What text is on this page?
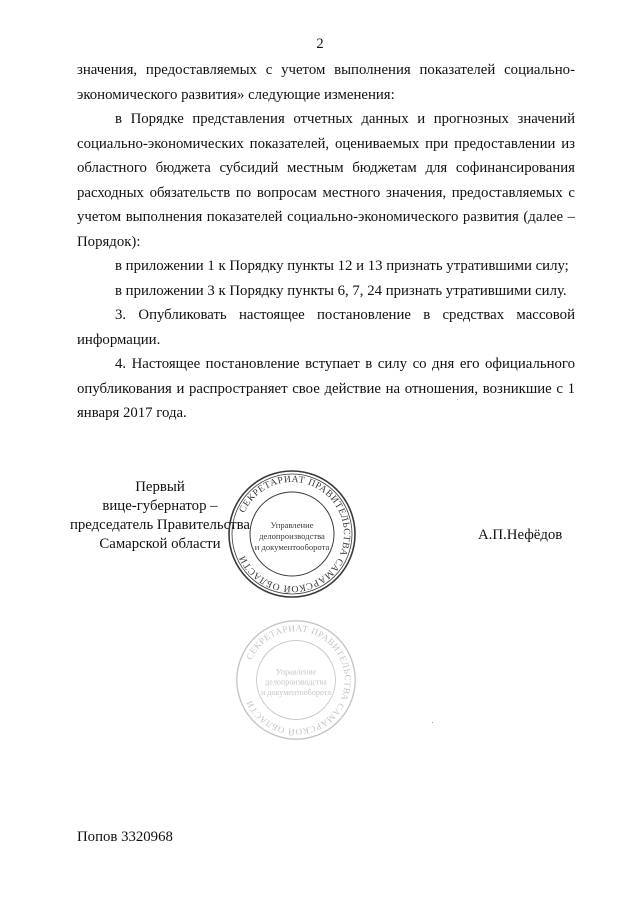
2

значения, предоставляемых с учетом выполнения показателей социально-экономического развития» следующие изменения:

в Порядке представления отчетных данных и прогнозных значений социально-экономических показателей, оцениваемых при предоставлении из областного бюджета субсидий местным бюджетам для софинансирования расходных обязательств по вопросам местного значения, предоставляемых с учетом выполнения показателей социально-экономического развития (далее – Порядок):

в приложении 1 к Порядку пункты 12 и 13 признать утратившими силу;

в приложении 3 к Порядку пункты 6, 7, 24 признать утратившими силу.

3. Опубликовать настоящее постановление в средствах массовой информации.

4. Настоящее постановление вступает в силу со дня его официального опубликования и распространяет свое действие на отношения, возникшие с 1 января 2017 года.

Первый
вице-губернатор –
председатель Правительства
Самарской области
СЕКРЕТАРИАТ ПРАВИТЕЛЬСТВА САМАРСКОЙ ОБЛАСТИ
Управление
делопроизводства
и документооборота
А.П.Нефёдов
СЕКРЕТАРИАТ ПРАВИТЕЛЬСТВА САМАРСКОЙ ОБЛАСТИ
Управление
делопроизводства
и документооборота
Попов 3320968
